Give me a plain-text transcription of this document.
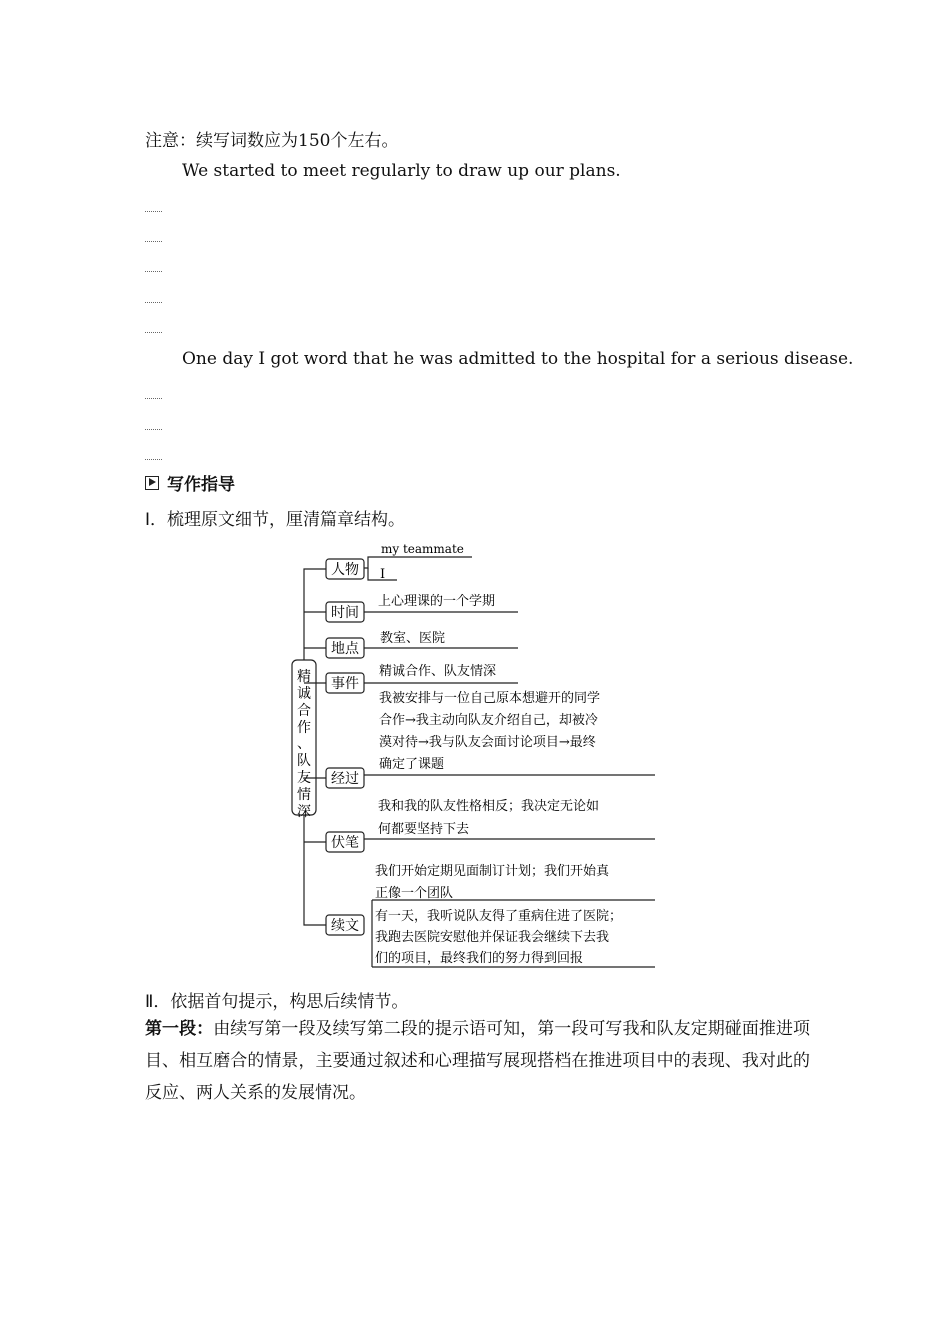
注意：续写词数应为150个左右。
We started to meet regularly to draw up our plans.
One day I got word that he was admitted to the hospital for a serious disease.
写作指导
Ⅰ．梳理原文细节，厘清篇章结构。
精
诚
合
作
、
队
友
情
深
人物
时间
地点
事件
经过
伏笔
续文
my teammate
I
上心理课的一个学期
教室、医院
精诚合作、队友情深
我被安排与一位自己原本想避开的同学
合作→我主动向队友介绍自己，却被冷
漠对待→我与队友会面讨论项目→最终
确定了课题
我和我的队友性格相反；我决定无论如
何都要坚持下去
我们开始定期见面制订计划；我们开始真
正像一个团队
有一天，我听说队友得了重病住进了医院；
我跑去医院安慰他并保证我会继续下去我
们的项目，最终我们的努力得到回报
Ⅱ．依据首句提示，构思后续情节。
第一段：由续写第一段及续写第二段的提示语可知，第一段可写我和队友定期碰面推进项目、相互磨合的情景，主要通过叙述和心理描写展现搭档在推进项目中的表现、我对此的反应、两人关系的发展情况。
